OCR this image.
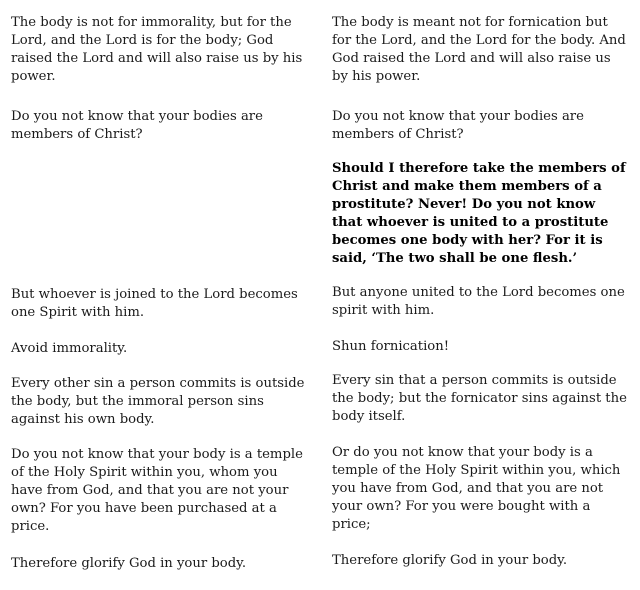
The body is not for immorality, but for the Lord, and the Lord is for the body; God raised the Lord and will also raise us by his power.

Do you not know that your bodies are members of Christ?

But whoever is joined to the Lord becomes one Spirit with him.

Avoid immorality.

Every other sin a person commits is outside the body, but the immoral person sins against his own body.

Do you not know that your body is a temple of the Holy Spirit within you, whom you have from God, and that you are not your own? For you have been purchased at a price.

Therefore glorify God in your body.

The body is meant not for fornication but for the Lord, and the Lord for the body. And God raised the Lord and will also raise us by his power.

Do you not know that your bodies are members of Christ?

Should I therefore take the members of Christ and make them members of a prostitute? Never! Do you not know that whoever is united to a prostitute becomes one body with her? For it is said, ‘The two shall be one flesh.’

But anyone united to the Lord becomes one spirit with him.

Shun fornication!

Every sin that a person commits is outside the body; but the fornicator sins against the body itself.

Or do you not know that your body is a temple of the Holy Spirit within you, which you have from God, and that you are not your own? For you were bought with a price;

Therefore glorify God in your body.
